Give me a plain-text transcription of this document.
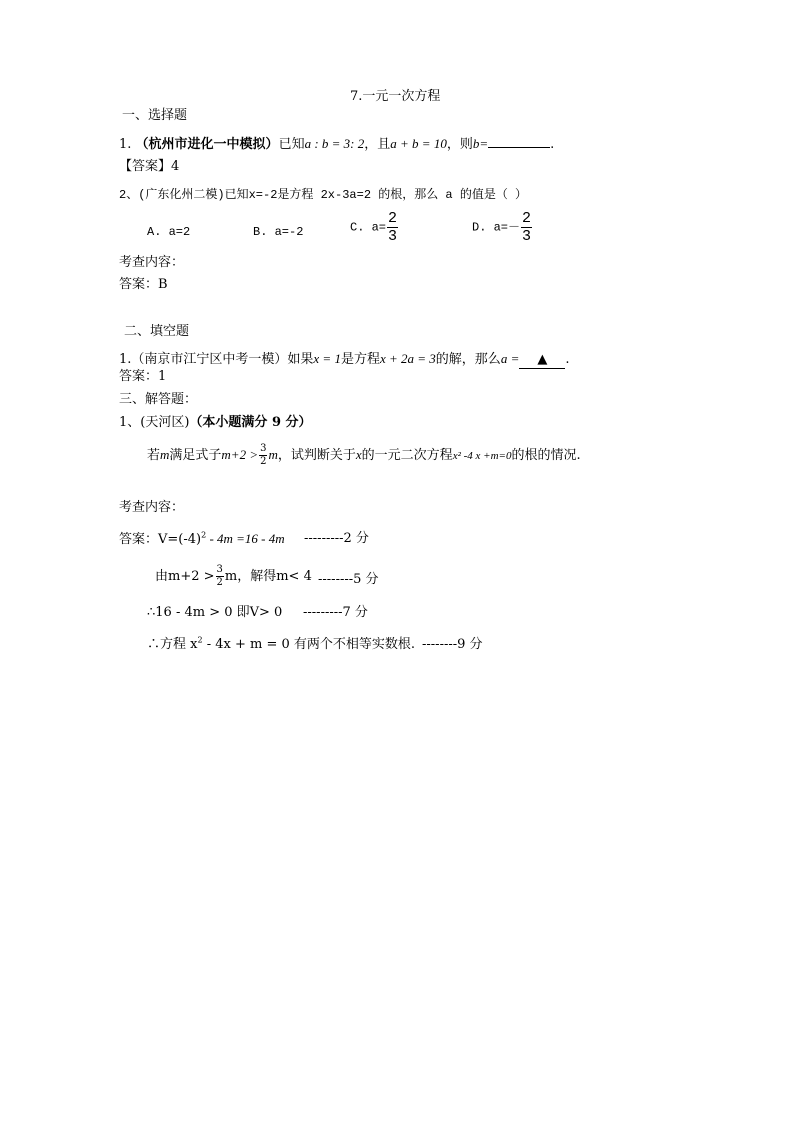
7.一元一次方程
一、选择题
1. （杭州市进化一中模拟）已知a : b = 3: 2，且a + b = 10，则b=	.
【答案】4
2、(广东化州二模)已知x=-2是方程 2x-3a=2 的根，那么 a 的值是（ ）
A. a=2	B. a=-2	C. $a= \frac{2}{3}$	D. $a=- \frac{2}{3}$
考查内容：
答案：B
二、填空题
1.（南京市江宁区中考一模）如果x = 1是方程x + 2a = 3的解，那么a = ▲ .
答案：1
三、解答题：
1、(天河区)（本小题满分 9 分）
若m满足式子$m+2 > \frac{3}{2}$ m，试判断关于x的一元二次方程x² -4 x +m=0的根的情况.
考查内容：
答案：$V=(-4)^2 - 4m =16 - 4m$ ---------2 分
由$m+2 > \frac{3}{2}$ m，解得m< 4 --------5 分
∴16 - 4m > 0 即V> 0 ---------7 分
∴方程 $x^2 - 4x + m = 0$ 有两个不相等实数根. --------9 分
